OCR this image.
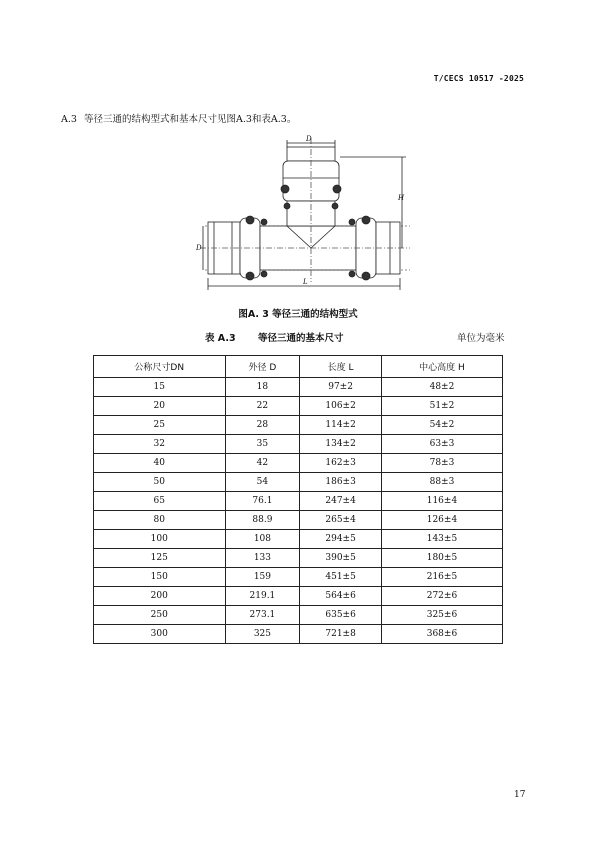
T/CECS 10517 -2025
A.3 等径三通的结构型式和基本尺寸见图A.3和表A.3。
D
H
D
L
图A. 3 等径三通的结构型式
表 A.3 等径三通的基本尺寸	单位为毫米
公称尺寸DN	外径 D	长度 L	中心高度 H
15	18	97±2	48±2
20	22	106±2	51±2
25	28	114±2	54±2
32	35	134±2	63±3
40	42	162±3	78±3
50	54	186±3	88±3
65	76.1	247±4	116±4
80	88.9	265±4	126±4
100	108	294±5	143±5
125	133	390±5	180±5
150	159	451±5	216±5
200	219.1	564±6	272±6
250	273.1	635±6	325±6
300	325	721±8	368±6
17
